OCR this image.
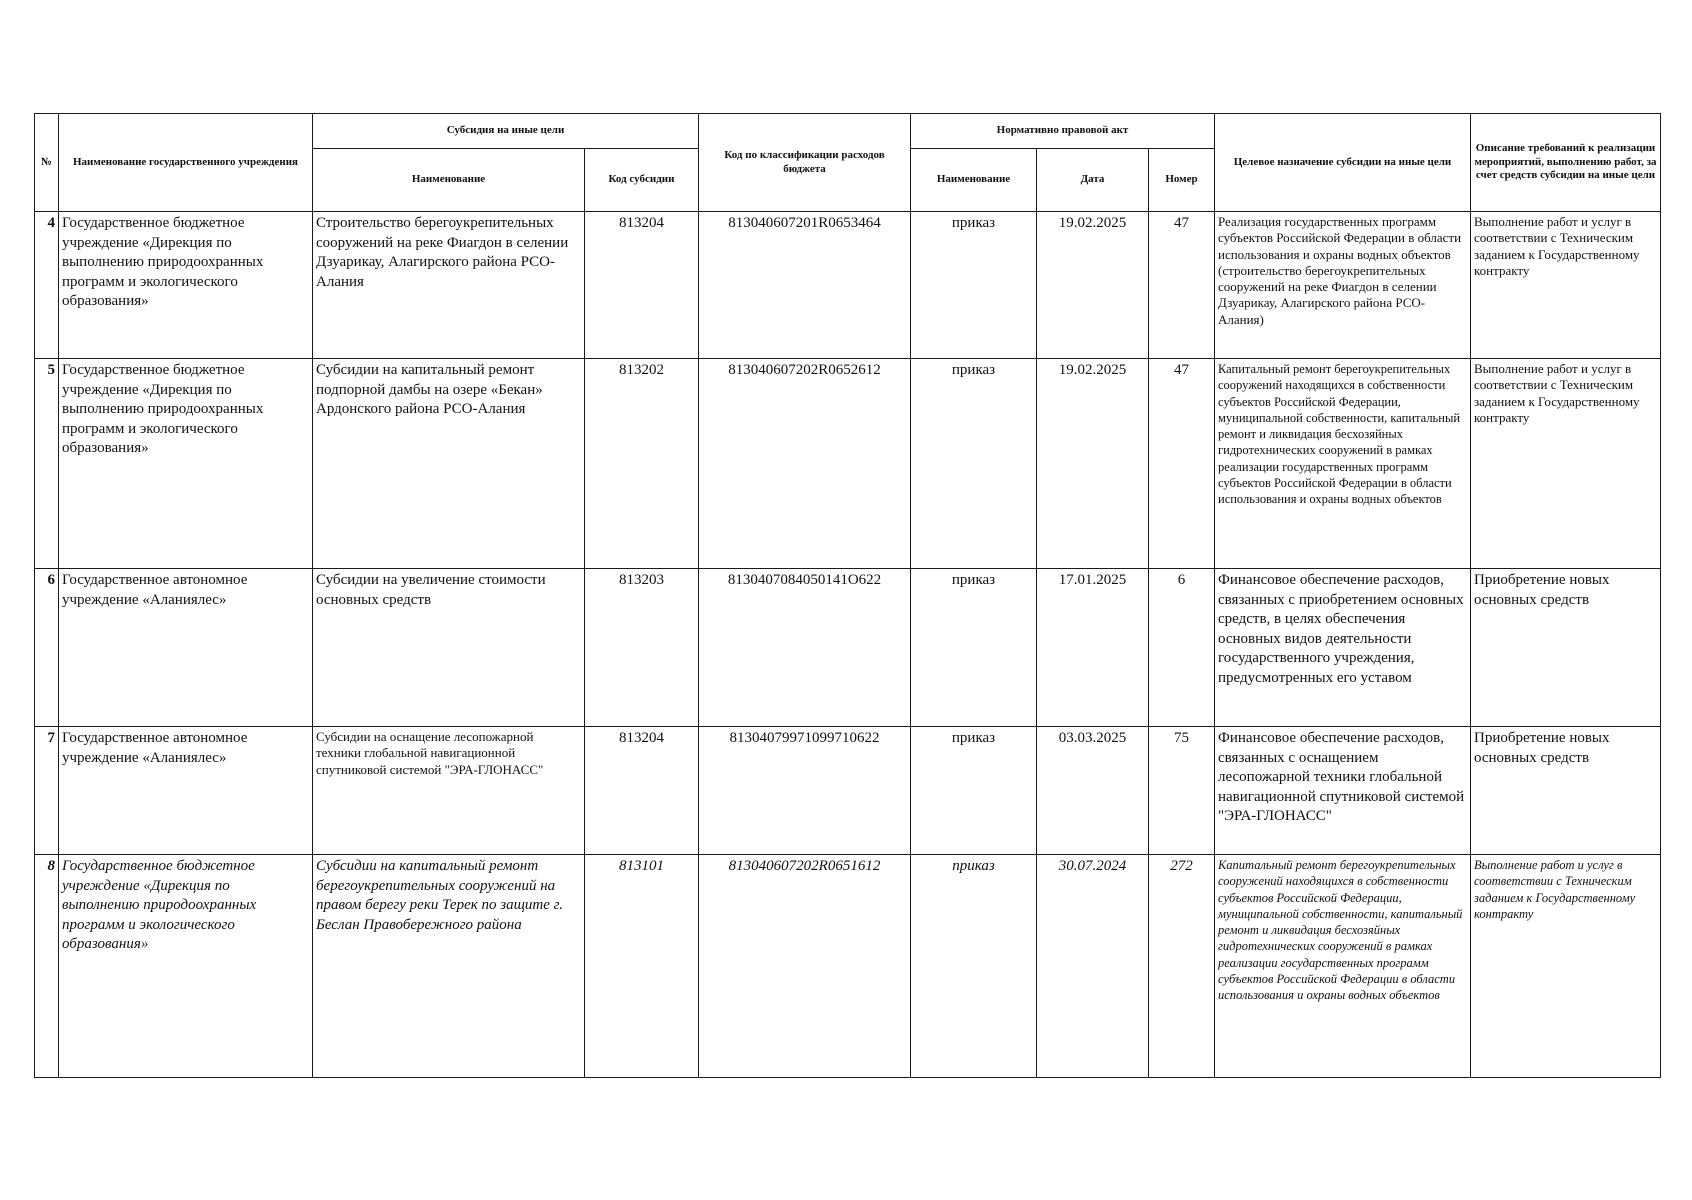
№	Наименование государственного учреждения	Субсидия на иные цели		Код по классификации расходов бюджета	Нормативно правовой акт			Целевое назначение субсидии на иные цели	Описание требований к реализации мероприятий, выполнению работ, за счет средств субсидии на иные цели
		Наименование	Код субсидии		Наименование	Дата	Номер		
4	Государственное бюджетное учреждение «Дирекция по выполнению природоохранных программ и экологического образования»	Строительство берегоукрепительных сооружений на реке Фиагдон в селении Дзуарикау, Алагирского района РСО-Алания	813204	813040607201R0653464	приказ	19.02.2025	47	Реализация государственных программ субъектов Российской Федерации в области использования и охраны водных объектов (строительство берегоукрепительных сооружений на реке Фиагдон в селении Дзуарикау, Алагирского района РСО-Алания)	Выполнение работ и услуг в соответствии с Техническим заданием к Государственному контракту
5	Государственное бюджетное учреждение «Дирекция по выполнению природоохранных программ и экологического образования»	Субсидии на капитальный ремонт подпорной дамбы на озере «Бекан» Ардонского района РСО-Алания	813202	813040607202R0652612	приказ	19.02.2025	47	Капитальный ремонт берегоукрепительных сооружений находящихся в собственности субъектов Российской Федерации, муниципальной собственности, капитальный ремонт и ликвидация бесхозяйных гидротехнических сооружений в рамках реализации государственных программ субъектов Российской Федерации в области использования и охраны водных объектов	Выполнение работ и услуг в соответствии с Техническим заданием к Государственному контракту
6	Государственное автономное учреждение «Аланиялес»	Субсидии на увеличение стоимости основных средств	813203	8130407084050141О622	приказ	17.01.2025	6	Финансовое обеспечение расходов, связанных с приобретением основных средств, в целях обеспечения основных видов деятельности государственного учреждения, предусмотренных его уставом	Приобретение новых основных средств
7	Государственное автономное учреждение «Аланиялес»	Субсидии на оснащение лесопожарной техники глобальной навигационной спутниковой системой "ЭРА-ГЛОНАСС"	813204	81304079971099710622	приказ	03.03.2025	75	Финансовое обеспечение расходов, связанных с оснащением лесопожарной техники глобальной навигационной спутниковой системой "ЭРА-ГЛОНАСС"	Приобретение новых основных средств
8	Государственное бюджетное учреждение «Дирекция по выполнению природоохранных программ и экологического образования»	Субсидии на капитальный ремонт берегоукрепительных сооружений на правом берегу реки Терек по защите г. Беслан Правобережного района	813101	813040607202R0651612	приказ	30.07.2024	272	Капитальный ремонт берегоукрепительных сооружений находящихся в собственности субъектов Российской Федерации, муниципальной собственности, капитальный ремонт и ликвидация бесхозяйных гидротехнических сооружений в рамках реализации государственных программ субъектов Российской Федерации в области использования и охраны водных объектов	Выполнение работ и услуг в соответствии с Техническим заданием к Государственному контракту
